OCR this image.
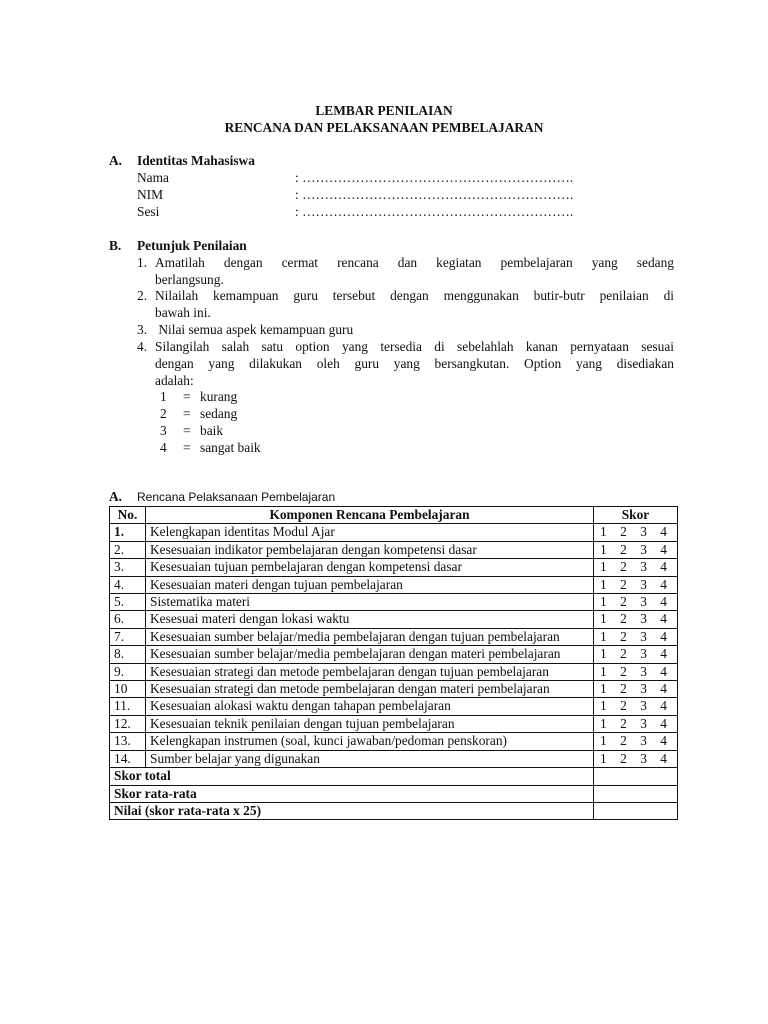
LEMBAR PENILAIAN
RENCANA DAN PELAKSANAAN PEMBELAJARAN
A. Identitas Mahasiswa
Nama	: …………………………………………………….
NIM	: …………………………………………………….
Sesi	: …………………………………………………….
B. Petunjuk Penilaian
1. Amatilah dengan cermat rencana dan kegiatan pembelajaran yang sedang
berlangsung.
2. Nilailah kemampuan guru tersebut dengan menggunakan butir-butr penilaian di
bawah ini.
3. Nilai semua aspek kemampuan guru
4. Silangilah salah satu option yang tersedia di sebelahlah kanan pernyataan sesuai
dengan yang dilakukan oleh guru yang bersangkutan. Option yang disediakan
adalah:
1 = kurang
2 = sedang
3 = baik
4 = sangat baik
A. Rencana Pelaksanaan Pembelajaran
No.	Komponen Rencana Pembelajaran	Skor
1.	Kelengkapan identitas Modul Ajar	1 2 3 4

2.	Kesesuaian indikator pembelajaran dengan kompetensi dasar	1 2 3 4

3.	Kesesuaian tujuan pembelajaran dengan kompetensi dasar	1 2 3 4

4.	Kesesuaian materi dengan tujuan pembelajaran	1 2 3 4

5.	Sistematika materi	1 2 3 4

6.	Kesesuai materi dengan lokasi waktu	1 2 3 4

7.	Kesesuaian sumber belajar/media pembelajaran dengan tujuan pembelajaran	1 2 3 4

8.	Kesesuaian sumber belajar/media pembelajaran dengan materi pembelajaran	1 2 3 4

9.	Kesesuaian strategi dan metode pembelajaran dengan tujuan pembelajaran	1 2 3 4

10	Kesesuaian strategi dan metode pembelajaran dengan materi pembelajaran	1 2 3 4

11.	Kesesuaian alokasi waktu dengan tahapan pembelajaran	1 2 3 4

12.	Kesesuaian teknik penilaian dengan tujuan pembelajaran	1 2 3 4

13.	Kelengkapan instrumen (soal, kunci jawaban/pedoman penskoran)	1 2 3 4

14.	Sumber belajar yang digunakan	1 2 3 4

Skor total		
Skor rata-rata		
Nilai (skor rata-rata x 25)		
